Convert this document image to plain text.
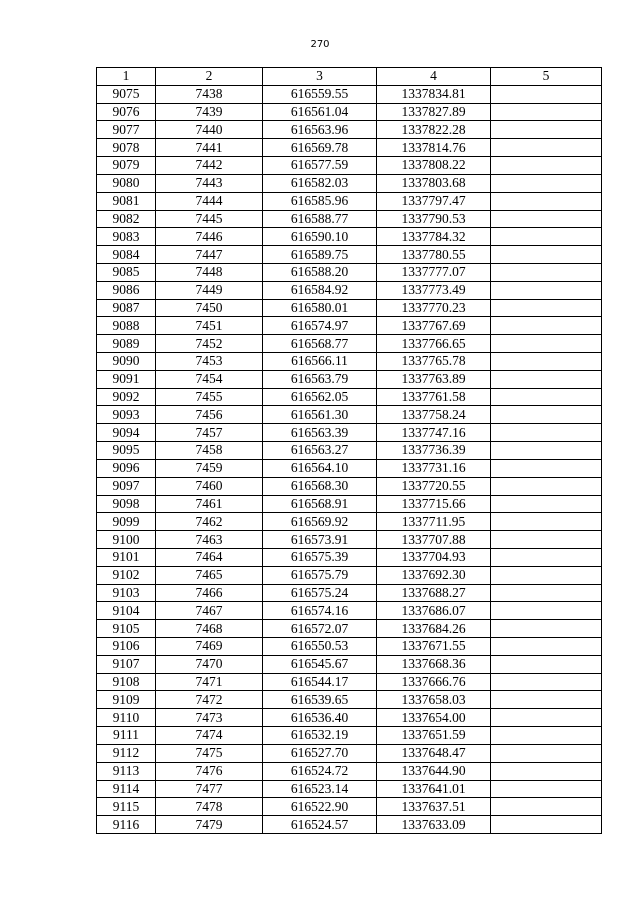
270
1	2	3	4	5
9075	7438	616559.55	1337834.81	
9076	7439	616561.04	1337827.89	
9077	7440	616563.96	1337822.28	
9078	7441	616569.78	1337814.76	
9079	7442	616577.59	1337808.22	
9080	7443	616582.03	1337803.68	
9081	7444	616585.96	1337797.47	
9082	7445	616588.77	1337790.53	
9083	7446	616590.10	1337784.32	
9084	7447	616589.75	1337780.55	
9085	7448	616588.20	1337777.07	
9086	7449	616584.92	1337773.49	
9087	7450	616580.01	1337770.23	
9088	7451	616574.97	1337767.69	
9089	7452	616568.77	1337766.65	
9090	7453	616566.11	1337765.78	
9091	7454	616563.79	1337763.89	
9092	7455	616562.05	1337761.58	
9093	7456	616561.30	1337758.24	
9094	7457	616563.39	1337747.16	
9095	7458	616563.27	1337736.39	
9096	7459	616564.10	1337731.16	
9097	7460	616568.30	1337720.55	
9098	7461	616568.91	1337715.66	
9099	7462	616569.92	1337711.95	
9100	7463	616573.91	1337707.88	
9101	7464	616575.39	1337704.93	
9102	7465	616575.79	1337692.30	
9103	7466	616575.24	1337688.27	
9104	7467	616574.16	1337686.07	
9105	7468	616572.07	1337684.26	
9106	7469	616550.53	1337671.55	
9107	7470	616545.67	1337668.36	
9108	7471	616544.17	1337666.76	
9109	7472	616539.65	1337658.03	
9110	7473	616536.40	1337654.00	
9111	7474	616532.19	1337651.59	
9112	7475	616527.70	1337648.47	
9113	7476	616524.72	1337644.90	
9114	7477	616523.14	1337641.01	
9115	7478	616522.90	1337637.51	
9116	7479	616524.57	1337633.09	
